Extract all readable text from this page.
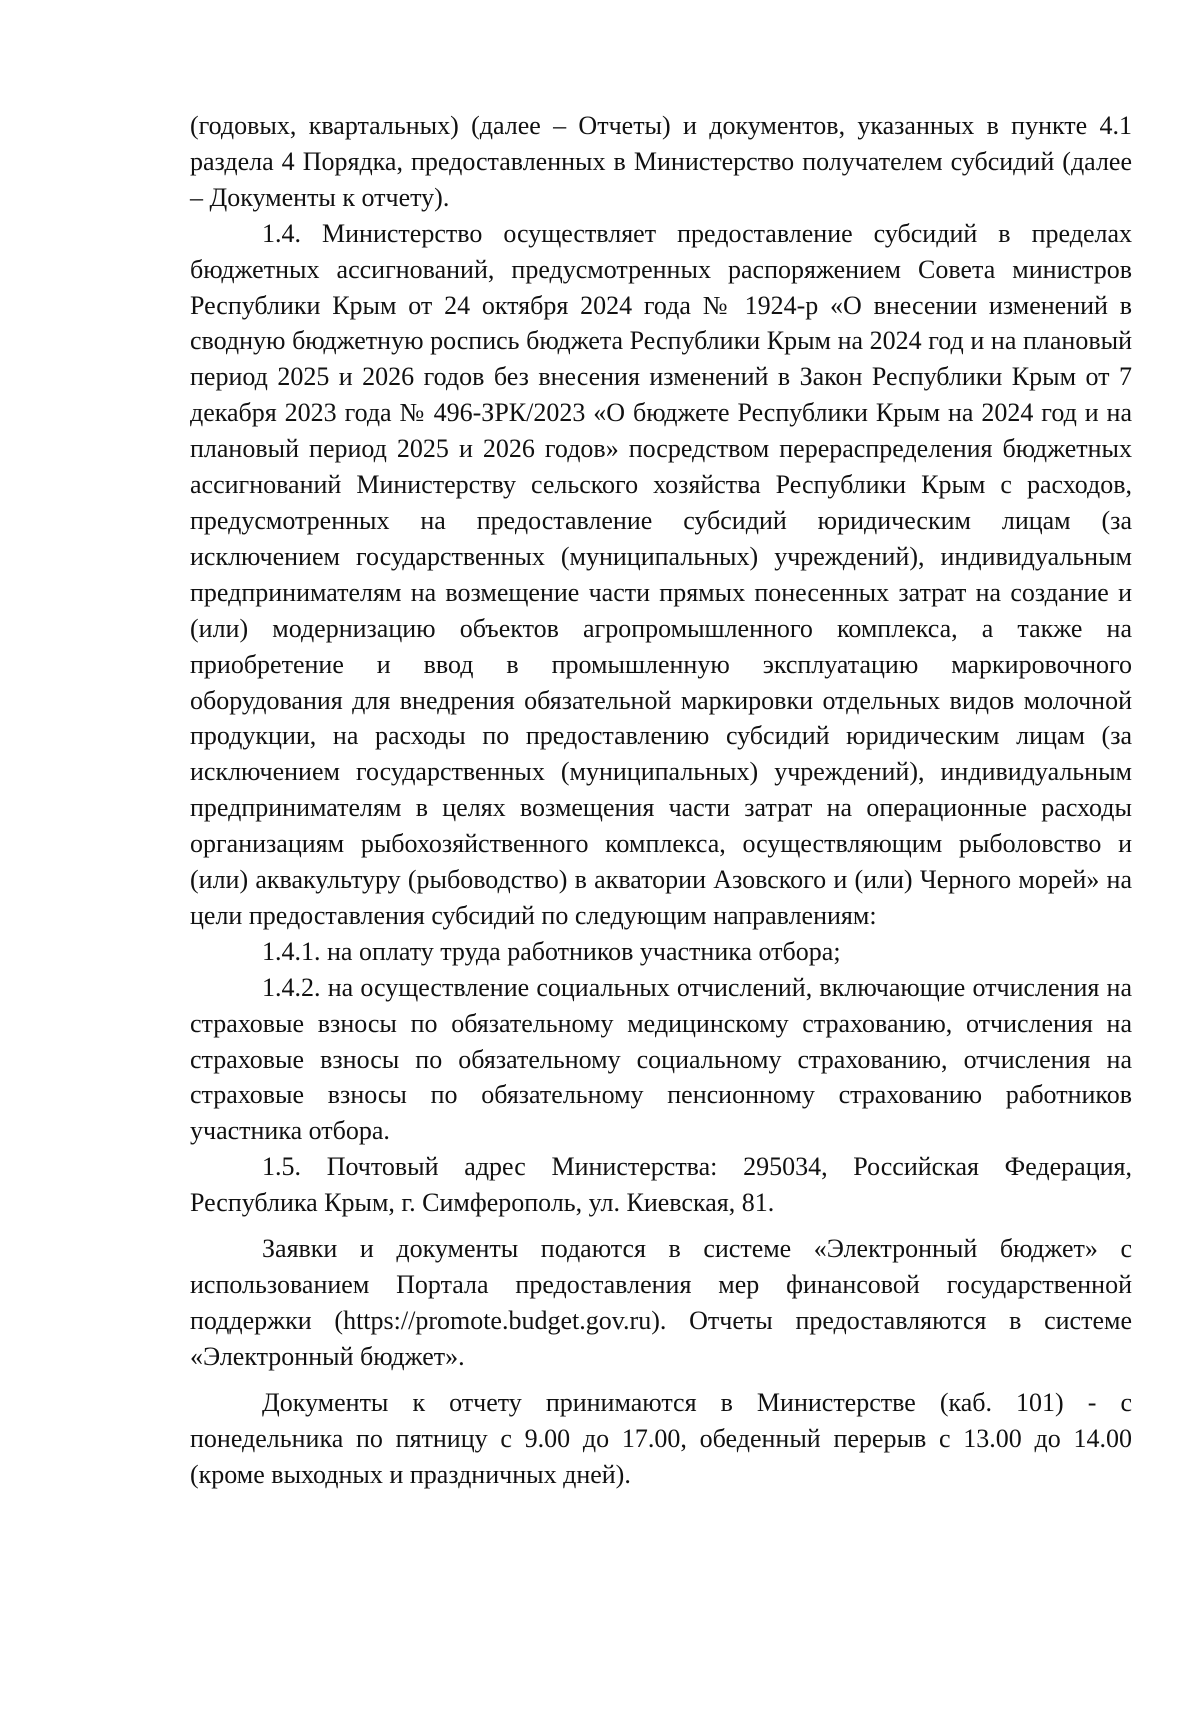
(годовых, квартальных) (далее – Отчеты) и документов, указанных в пункте 4.1 раздела 4 Порядка, предоставленных в Министерство получателем субсидий (далее – Документы к отчету).

1.4. Министерство осуществляет предоставление субсидий в пределах бюджетных ассигнований, предусмотренных распоряжением Совета министров Республики Крым от 24 октября 2024 года № 1924-р «О внесении изменений в сводную бюджетную роспись бюджета Республики Крым на 2024 год и на плановый период 2025 и 2026 годов без внесения изменений в Закон Республики Крым от 7 декабря 2023 года № 496-ЗРК/2023 «О бюджете Республики Крым на 2024 год и на плановый период 2025 и 2026 годов» посредством перераспределения бюджетных ассигнований Министерству сельского хозяйства Республики Крым с расходов, предусмотренных на предоставление субсидий юридическим лицам (за исключением государственных (муниципальных) учреждений), индивидуальным предпринимателям на возмещение части прямых понесенных затрат на создание и (или) модернизацию объектов агропромышленного комплекса, а также на приобретение и ввод в промышленную эксплуатацию маркировочного оборудования для внедрения обязательной маркировки отдельных видов молочной продукции, на расходы по предоставлению субсидий юридическим лицам (за исключением государственных (муниципальных) учреждений), индивидуальным предпринимателям в целях возмещения части затрат на операционные расходы организациям рыбохозяйственного комплекса, осуществляющим рыболовство и (или) аквакультуру (рыбоводство) в акватории Азовского и (или) Черного морей» на цели предоставления субсидий по следующим направлениям:

1.4.1. на оплату труда работников участника отбора;

1.4.2. на осуществление социальных отчислений, включающие отчисления на страховые взносы по обязательному медицинскому страхованию, отчисления на страховые взносы по обязательному социальному страхованию, отчисления на страховые взносы по обязательному пенсионному страхованию работников участника отбора.

1.5. Почтовый адрес Министерства: 295034, Российская Федерация, Республика Крым, г. Симферополь, ул. Киевская, 81.

Заявки и документы подаются в системе «Электронный бюджет» с использованием Портала предоставления мер финансовой государственной поддержки (https://promote.budget.gov.ru). Отчеты предоставляются в системе «Электронный бюджет».

Документы к отчету принимаются в Министерстве (каб. 101) - с понедельника по пятницу с 9.00 до 17.00, обеденный перерыв с 13.00 до 14.00 (кроме выходных и праздничных дней).
